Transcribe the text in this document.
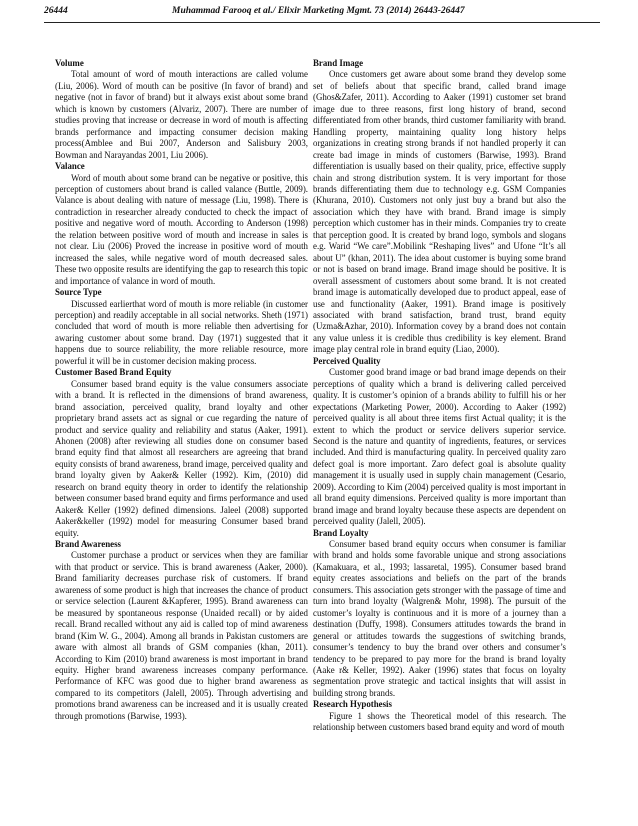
26444	Muhammad Farooq et al./ Elixir Marketing Mgmt. 73 (2014) 26443-26447
Volume

Total amount of word of mouth interactions are called volume (Liu, 2006). Word of mouth can be positive (In favor of brand) and negative (not in favor of brand) but it always exist about some brand which is known by customers (Alvariz, 2007). There are number of studies proving that increase or decrease in word of mouth is affecting brands performance and impacting consumer decision making process(Amblee and Bui 2007, Anderson and Salisbury 2003, Bowman and Narayandas 2001, Liu 2006).

Valance

Word of mouth about some brand can be negative or positive, this perception of customers about brand is called valance (Buttle, 2009). Valance is about dealing with nature of message (Liu, 1998). There is contradiction in researcher already conducted to check the impact of positive and negative word of mouth. According to Anderson (1998) the relation between positive word of mouth and increase in sales is not clear. Liu (2006) Proved the increase in positive word of mouth increased the sales, while negative word of mouth decreased sales. These two opposite results are identifying the gap to research this topic and importance of valance in word of mouth.

Source Type

Discussed earlierthat word of mouth is more reliable (in customer perception) and readily acceptable in all social networks. Sheth (1971) concluded that word of mouth is more reliable then advertising for awaring customer about some brand. Day (1971) suggested that it happens due to source reliability, the more reliable resource, more powerful it will be in customer decision making process.

Customer Based Brand Equity

Consumer based brand equity is the value consumers associate with a brand. It is reflected in the dimensions of brand awareness, brand association, perceived quality, brand loyalty and other proprietary brand assets act as signal or cue regarding the nature of product and service quality and reliability and status (Aaker, 1991). Ahonen (2008) after reviewing all studies done on consumer based brand equity find that almost all researchers are agreeing that brand equity consists of brand awareness, brand image, perceived quality and brand loyalty given by Aaker& Keller (1992). Kim, (2010) did research on brand equity theory in order to identify the relationship between consumer based brand equity and firms performance and used Aaker& Keller (1992) defined dimensions. Jaleel (2008) supported Aaker&keller (1992) model for measuring Consumer based brand equity.

Brand Awareness

Customer purchase a product or services when they are familiar with that product or service. This is brand awareness (Aaker, 2000). Brand familiarity decreases purchase risk of customers. If brand awareness of some product is high that increases the chance of product or service selection (Laurent &Kapferer, 1995). Brand awareness can be measured by spontaneous response (Unaided recall) or by aided recall. Brand recalled without any aid is called top of mind awareness brand (Kim W. G., 2004). Among all brands in Pakistan customers are aware with almost all brands of GSM companies (khan, 2011). According to Kim (2010) brand awareness is most important in brand equity. Higher brand awareness increases company performance. Performance of KFC was good due to higher brand awareness as compared to its competitors (Jalell, 2005). Through advertising and promotions brand awareness can be increased and it is usually created through promotions (Barwise, 1993).

Brand Image

Once customers get aware about some brand they develop some set of beliefs about that specific brand, called brand image (Ghos&Zafer, 2011). According to Aaker (1991) customer set brand image due to three reasons, first long history of brand, second differentiated from other brands, third customer familiarity with brand. Handling property, maintaining quality long history helps organizations in creating strong brands if not handled properly it can create bad image in minds of customers (Barwise, 1993). Brand differentiation is usually based on their quality, price, effective supply chain and strong distribution system. It is very important for those brands differentiating them due to technology e.g. GSM Companies (Khurana, 2010). Customers not only just buy a brand but also the association which they have with brand. Brand image is simply perception which customer has in their minds. Companies try to create that perception good. It is created by brand logo, symbols and slogans e.g. Warid “We care”.Mobilink “Reshaping lives” and Ufone “It’s all about U” (khan, 2011). The idea about customer is buying some brand or not is based on brand image. Brand image should be positive. It is overall assessment of customers about some brand. It is not created brand image is automatically developed due to product appeal, ease of use and functionality (Aaker, 1991). Brand image is positively associated with brand satisfaction, brand trust, brand equity (Uzma&Azhar, 2010). Information covey by a brand does not contain any value unless it is credible thus credibility is key element. Brand image play central role in brand equity (Liao, 2000).

Perceived Quality

Customer good brand image or bad brand image depends on their perceptions of quality which a brand is delivering called perceived quality. It is customer’s opinion of a brands ability to fulfill his or her expectations (Marketing Power, 2000). According to Aaker (1992) perceived quality is all about three items first Actual quality; it is the extent to which the product or service delivers superior service. Second is the nature and quantity of ingredients, features, or services included. And third is manufacturing quality. In perceived quality zaro defect goal is more important. Zaro defect goal is absolute quality management it is usually used in supply chain management (Cesario, 2009). According to Kim (2004) perceived quality is most important in all brand equity dimensions. Perceived quality is more important than brand image and brand loyalty because these aspects are dependent on perceived quality (Jalell, 2005).

Brand Loyalty

Consumer based brand equity occurs when consumer is familiar with brand and holds some favorable unique and strong associations (Kamakuara, et al., 1993; lassaretal, 1995). Consumer based brand equity creates associations and beliefs on the part of the brands consumers. This association gets stronger with the passage of time and turn into brand loyalty (Walgren& Mohr, 1998). The pursuit of the customer’s loyalty is continuous and it is more of a journey than a destination (Duffy, 1998). Consumers attitudes towards the brand in general or attitudes towards the suggestions of switching brands, consumer’s tendency to buy the brand over others and consumer’s tendency to be prepared to pay more for the brand is brand loyalty (Aake r& Keller, 1992). Aaker (1996) states that focus on loyalty segmentation prove strategic and tactical insights that will assist in building strong brands.

Research Hypothesis

Figure 1 shows the Theoretical model of this research. The relationship between customers based brand equity and word of mouth
